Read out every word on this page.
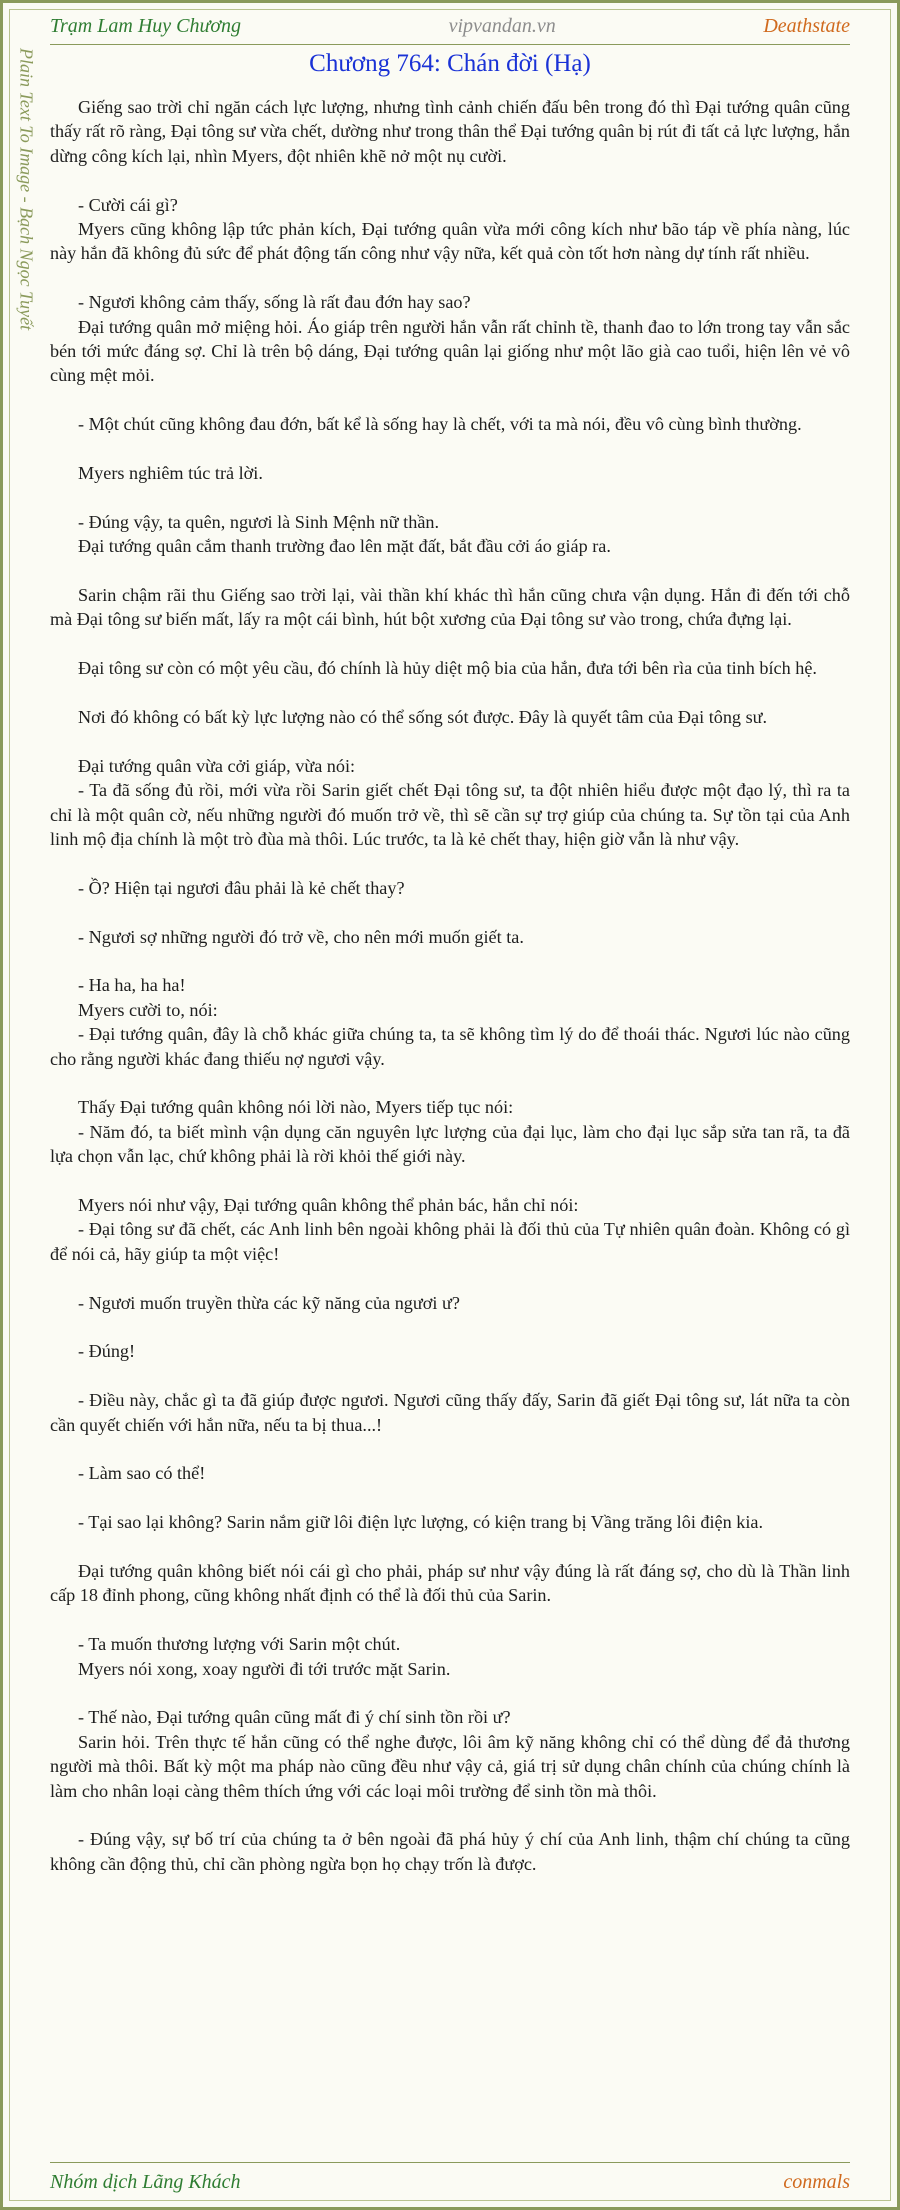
Plain Text To Image - Bạch Ngọc Tuyết
Trạm Lam Huy Chương	vipvandan.vn	Deathstate
Chương 764: Chán đời (Hạ)

Giếng sao trời chỉ ngăn cách lực lượng, nhưng tình cảnh chiến đấu bên trong đó thì Đại tướng quân cũng thấy rất rõ ràng, Đại tông sư vừa chết, dường như trong thân thể Đại tướng quân bị rút đi tất cả lực lượng, hắn dừng công kích lại, nhìn Myers, đột nhiên khẽ nở một nụ cười.

- Cười cái gì?

Myers cũng không lập tức phản kích, Đại tướng quân vừa mới công kích như bão táp về phía nàng, lúc này hắn đã không đủ sức để phát động tấn công như vậy nữa, kết quả còn tốt hơn nàng dự tính rất nhiều.

- Ngươi không cảm thấy, sống là rất đau đớn hay sao?

Đại tướng quân mở miệng hỏi. Áo giáp trên người hắn vẫn rất chỉnh tề, thanh đao to lớn trong tay vẫn sắc bén tới mức đáng sợ. Chỉ là trên bộ dáng, Đại tướng quân lại giống như một lão già cao tuổi, hiện lên vẻ vô cùng mệt mỏi.

- Một chút cũng không đau đớn, bất kể là sống hay là chết, với ta mà nói, đều vô cùng bình thường.

Myers nghiêm túc trả lời.

- Đúng vậy, ta quên, ngươi là Sinh Mệnh nữ thần.

Đại tướng quân cắm thanh trường đao lên mặt đất, bắt đầu cởi áo giáp ra.

Sarin chậm rãi thu Giếng sao trời lại, vài thần khí khác thì hắn cũng chưa vận dụng. Hắn đi đến tới chỗ mà Đại tông sư biến mất, lấy ra một cái bình, hút bột xương của Đại tông sư vào trong, chứa đựng lại.

Đại tông sư còn có một yêu cầu, đó chính là hủy diệt mộ bia của hắn, đưa tới bên rìa của tinh bích hệ.

Nơi đó không có bất kỳ lực lượng nào có thể sống sót được. Đây là quyết tâm của Đại tông sư.

Đại tướng quân vừa cởi giáp, vừa nói:

- Ta đã sống đủ rồi, mới vừa rồi Sarin giết chết Đại tông sư, ta đột nhiên hiểu được một đạo lý, thì ra ta chỉ là một quân cờ, nếu những người đó muốn trở về, thì sẽ cần sự trợ giúp của chúng ta. Sự tồn tại của Anh linh mộ địa chính là một trò đùa mà thôi. Lúc trước, ta là kẻ chết thay, hiện giờ vẫn là như vậy.

- Ồ? Hiện tại ngươi đâu phải là kẻ chết thay?

- Ngươi sợ những người đó trở về, cho nên mới muốn giết ta.

- Ha ha, ha ha!

Myers cười to, nói:

- Đại tướng quân, đây là chỗ khác giữa chúng ta, ta sẽ không tìm lý do để thoái thác. Ngươi lúc nào cũng cho rằng người khác đang thiếu nợ ngươi vậy.

Thấy Đại tướng quân không nói lời nào, Myers tiếp tục nói:

- Năm đó, ta biết mình vận dụng căn nguyên lực lượng của đại lục, làm cho đại lục sắp sửa tan rã, ta đã lựa chọn vẫn lạc, chứ không phải là rời khỏi thế giới này.

Myers nói như vậy, Đại tướng quân không thể phản bác, hắn chỉ nói:

- Đại tông sư đã chết, các Anh linh bên ngoài không phải là đối thủ của Tự nhiên quân đoàn. Không có gì để nói cả, hãy giúp ta một việc!

- Ngươi muốn truyền thừa các kỹ năng của ngươi ư?

- Đúng!

- Điều này, chắc gì ta đã giúp được ngươi. Ngươi cũng thấy đấy, Sarin đã giết Đại tông sư, lát nữa ta còn cần quyết chiến với hắn nữa, nếu ta bị thua...!

- Làm sao có thể!

- Tại sao lại không? Sarin nắm giữ lôi điện lực lượng, có kiện trang bị Vầng trăng lôi điện kia.

Đại tướng quân không biết nói cái gì cho phải, pháp sư như vậy đúng là rất đáng sợ, cho dù là Thần linh cấp 18 đỉnh phong, cũng không nhất định có thể là đối thủ của Sarin.

- Ta muốn thương lượng với Sarin một chút.

Myers nói xong, xoay người đi tới trước mặt Sarin.

- Thế nào, Đại tướng quân cũng mất đi ý chí sinh tồn rồi ư?

Sarin hỏi. Trên thực tế hắn cũng có thể nghe được, lôi âm kỹ năng không chỉ có thể dùng để đả thương người mà thôi. Bất kỳ một ma pháp nào cũng đều như vậy cả, giá trị sử dụng chân chính của chúng chính là làm cho nhân loại càng thêm thích ứng với các loại môi trường để sinh tồn mà thôi.

- Đúng vậy, sự bố trí của chúng ta ở bên ngoài đã phá hủy ý chí của Anh linh, thậm chí chúng ta cũng không cần động thủ, chỉ cần phòng ngừa bọn họ chạy trốn là được.

Nhóm dịch Lãng Khách	conmals
